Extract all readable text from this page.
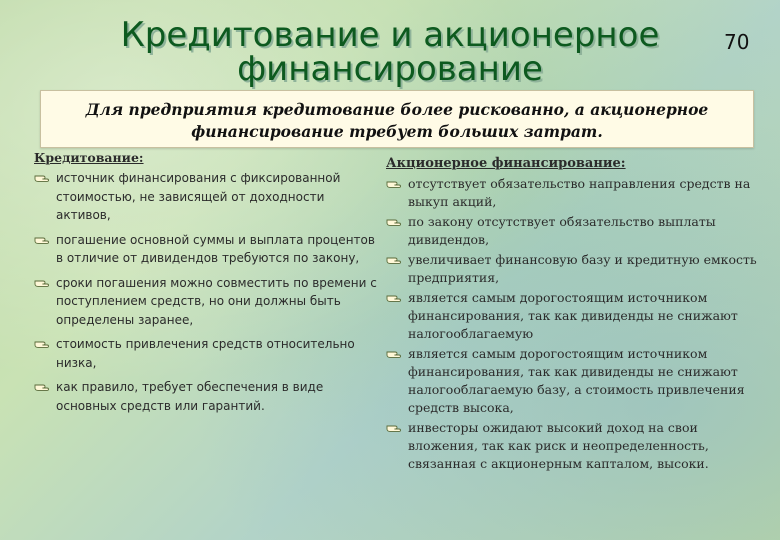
Кредитование и акционерное
финансирование
70

Для предприятия кредитование более рискованно, а акционерное финансирование требует больших затрат.

Кредитование:
источник финансирования с фиксированной стоимостью, не зависящей от доходности активов,
погашение основной суммы и выплата процентов в отличие от дивидендов требуются по закону,
сроки погашения можно совместить по времени с поступлением средств, но они должны быть определены заранее,
стоимость привлечения средств относительно низка,
как правило, требует обеспечения в виде основных средств или гарантий.
Акционерное финансирование:
отсутствует обязательство направления средств на выкуп акций,
по закону отсутствует обязательство выплаты дивидендов,
увеличивает финансовую базу и кредитную емкость предприятия,
является самым дорогостоящим источником финансирования, так как дивиденды не снижают налогооблагаемую
является самым дорогостоящим источником финансирования, так как дивиденды не снижают налогооблагаемую базу, а стоимость привлечения средств высока,
инвесторы ожидают высокий доход на свои вложения, так как риск и неопределенность, связанная с акционерным капталом, высоки.
